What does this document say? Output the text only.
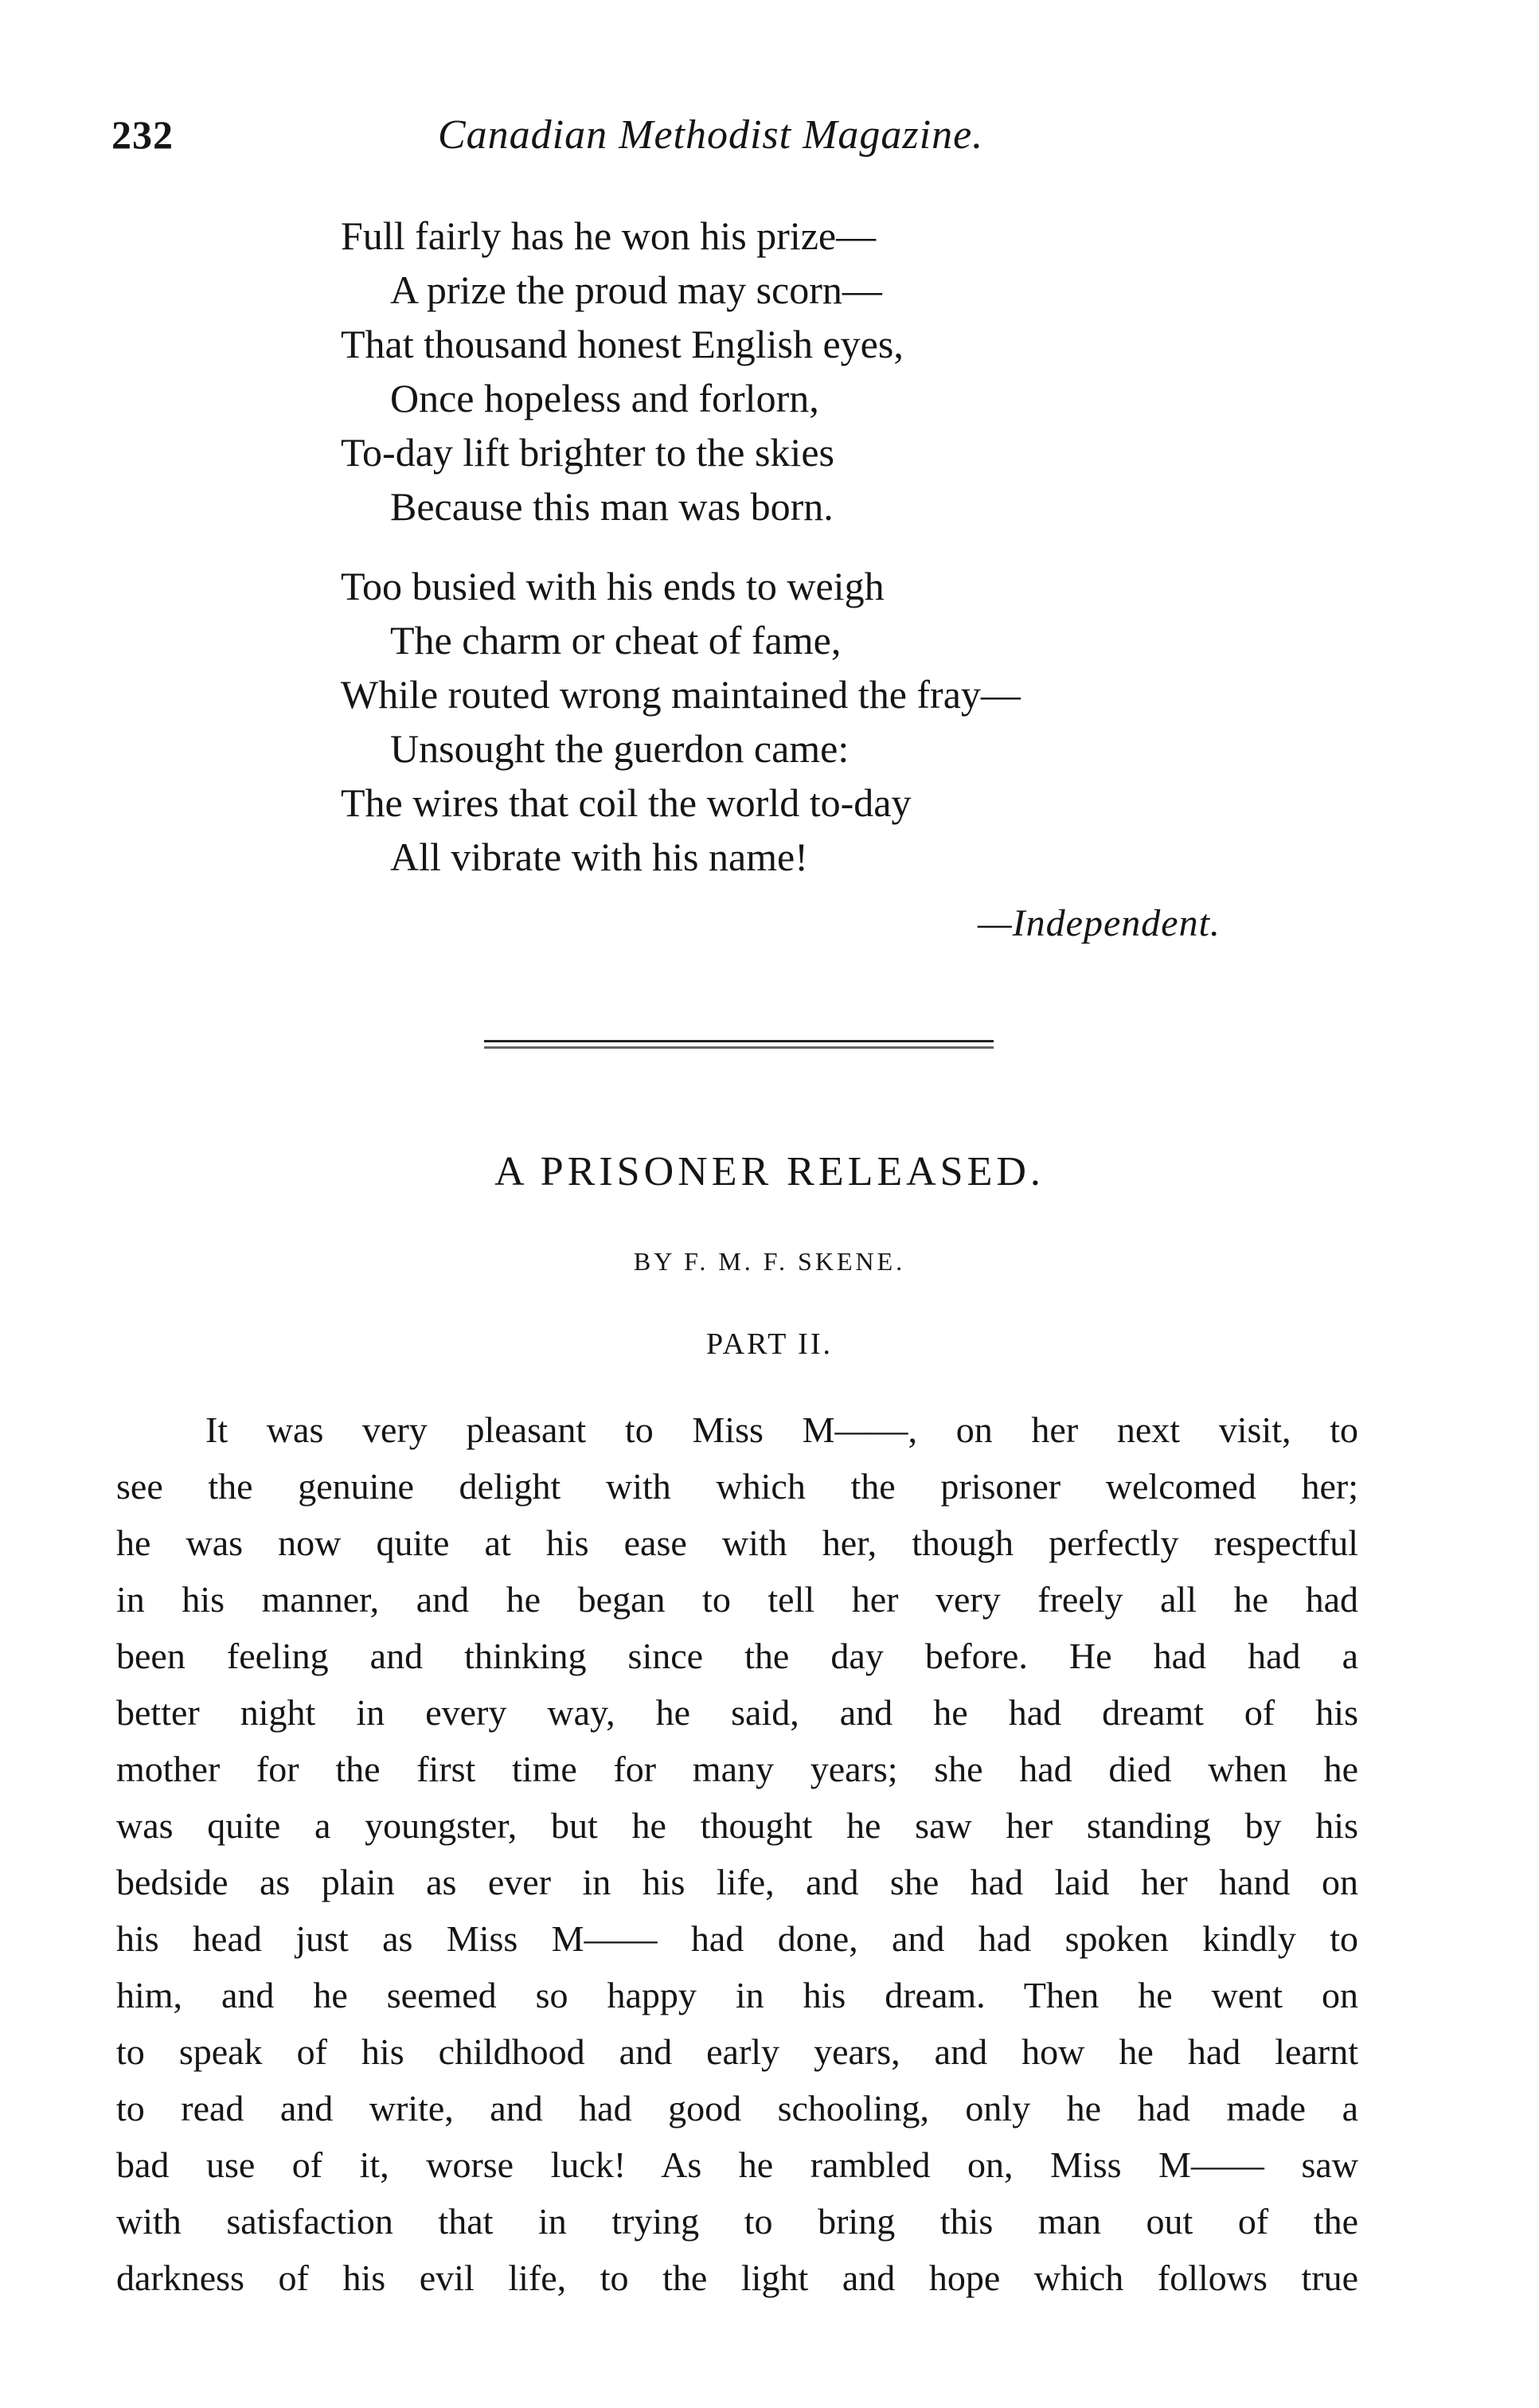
232	Canadian Methodist Magazine.
Full fairly has he won his prize—
A prize the proud may scorn—
That thousand honest English eyes,
Once hopeless and forlorn,
To-day lift brighter to the skies
Because this man was born.
Too busied with his ends to weigh
The charm or cheat of fame,
While routed wrong maintained the fray—
Unsought the guerdon came:
The wires that coil the world to-day
All vibrate with his name!
—Independent.
A PRISONER RELEASED.
BY F. M. F. SKENE.
PART II.
It was very pleasant to Miss M——, on her next visit, to
see the genuine delight with which the prisoner welcomed her;
he was now quite at his ease with her, though perfectly respectful
in his manner, and he began to tell her very freely all he had
been feeling and thinking since the day before. He had had a
better night in every way, he said, and he had dreamt of his
mother for the first time for many years; she had died when he
was quite a youngster, but he thought he saw her standing by his
bedside as plain as ever in his life, and she had laid her hand on
his head just as Miss M—— had done, and had spoken kindly to
him, and he seemed so happy in his dream. Then he went on
to speak of his childhood and early years, and how he had learnt
to read and write, and had good schooling, only he had made a
bad use of it, worse luck! As he rambled on, Miss M—— saw
with satisfaction that in trying to bring this man out of the
darkness of his evil life, to the light and hope which follows true
